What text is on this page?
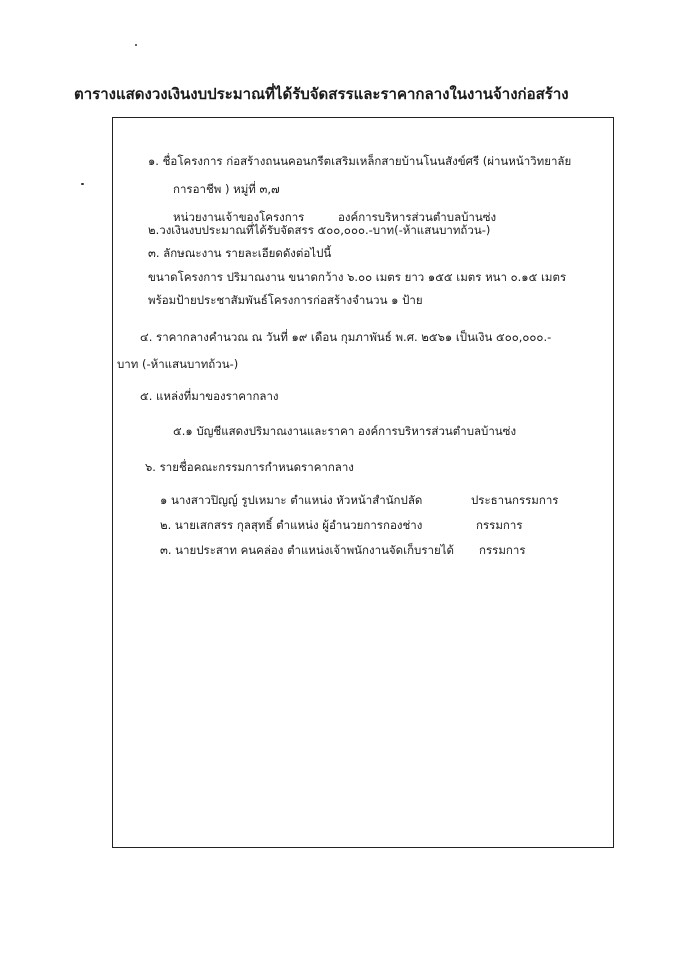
ตารางแสดงวงเงินงบประมาณที่ได้รับจัดสรรและราคากลางในงานจ้างก่อสร้าง
๑. ชื่อโครงการ ก่อสร้างถนนคอนกรีตเสริมเหล็กสายบ้านโนนสังข์ศรี (ผ่านหน้าวิทยาลัย
การอาชีพ ) หมู่ที่ ๓,๗
หน่วยงานเจ้าของโครงการ	องค์การบริหารส่วนตำบลบ้านซ่ง
๒.วงเงินงบประมาณที่ได้รับจัดสรร ๕๐๐,๐๐๐.-บาท(-ห้าแสนบาทถ้วน-)
๓. ลักษณะงาน รายละเอียดดังต่อไปนี้
ขนาดโครงการ ปริมาณงาน ขนาดกว้าง ๖.๐๐ เมตร ยาว ๑๕๕ เมตร หนา ๐.๑๕ เมตร
พร้อมป้ายประชาสัมพันธ์โครงการก่อสร้างจำนวน ๑ ป้าย
๔. ราคากลางคำนวณ ณ วันที่ ๑๙ เดือน กุมภาพันธ์ พ.ศ. ๒๕๖๑ เป็นเงิน ๕๐๐,๐๐๐.-
บาท (-ห้าแสนบาทถ้วน-)
๕. แหล่งที่มาของราคากลาง
๕.๑ บัญชีแสดงปริมาณงานและราคา องค์การบริหารส่วนตำบลบ้านซ่ง
๖. รายชื่อคณะกรรมการกำหนดราคากลาง
๑ นางสาวปิญญ์ รูปเหมาะ ตำแหน่ง หัวหน้าสำนักปลัด	ประธานกรรมการ
๒. นายเสกสรร กุลสุทธิ์ ตำแหน่ง ผู้อำนวยการกองช่าง	กรรมการ
๓. นายประสาท คนคล่อง ตำแหน่งเจ้าพนักงานจัดเก็บรายได้ กรรมการ
